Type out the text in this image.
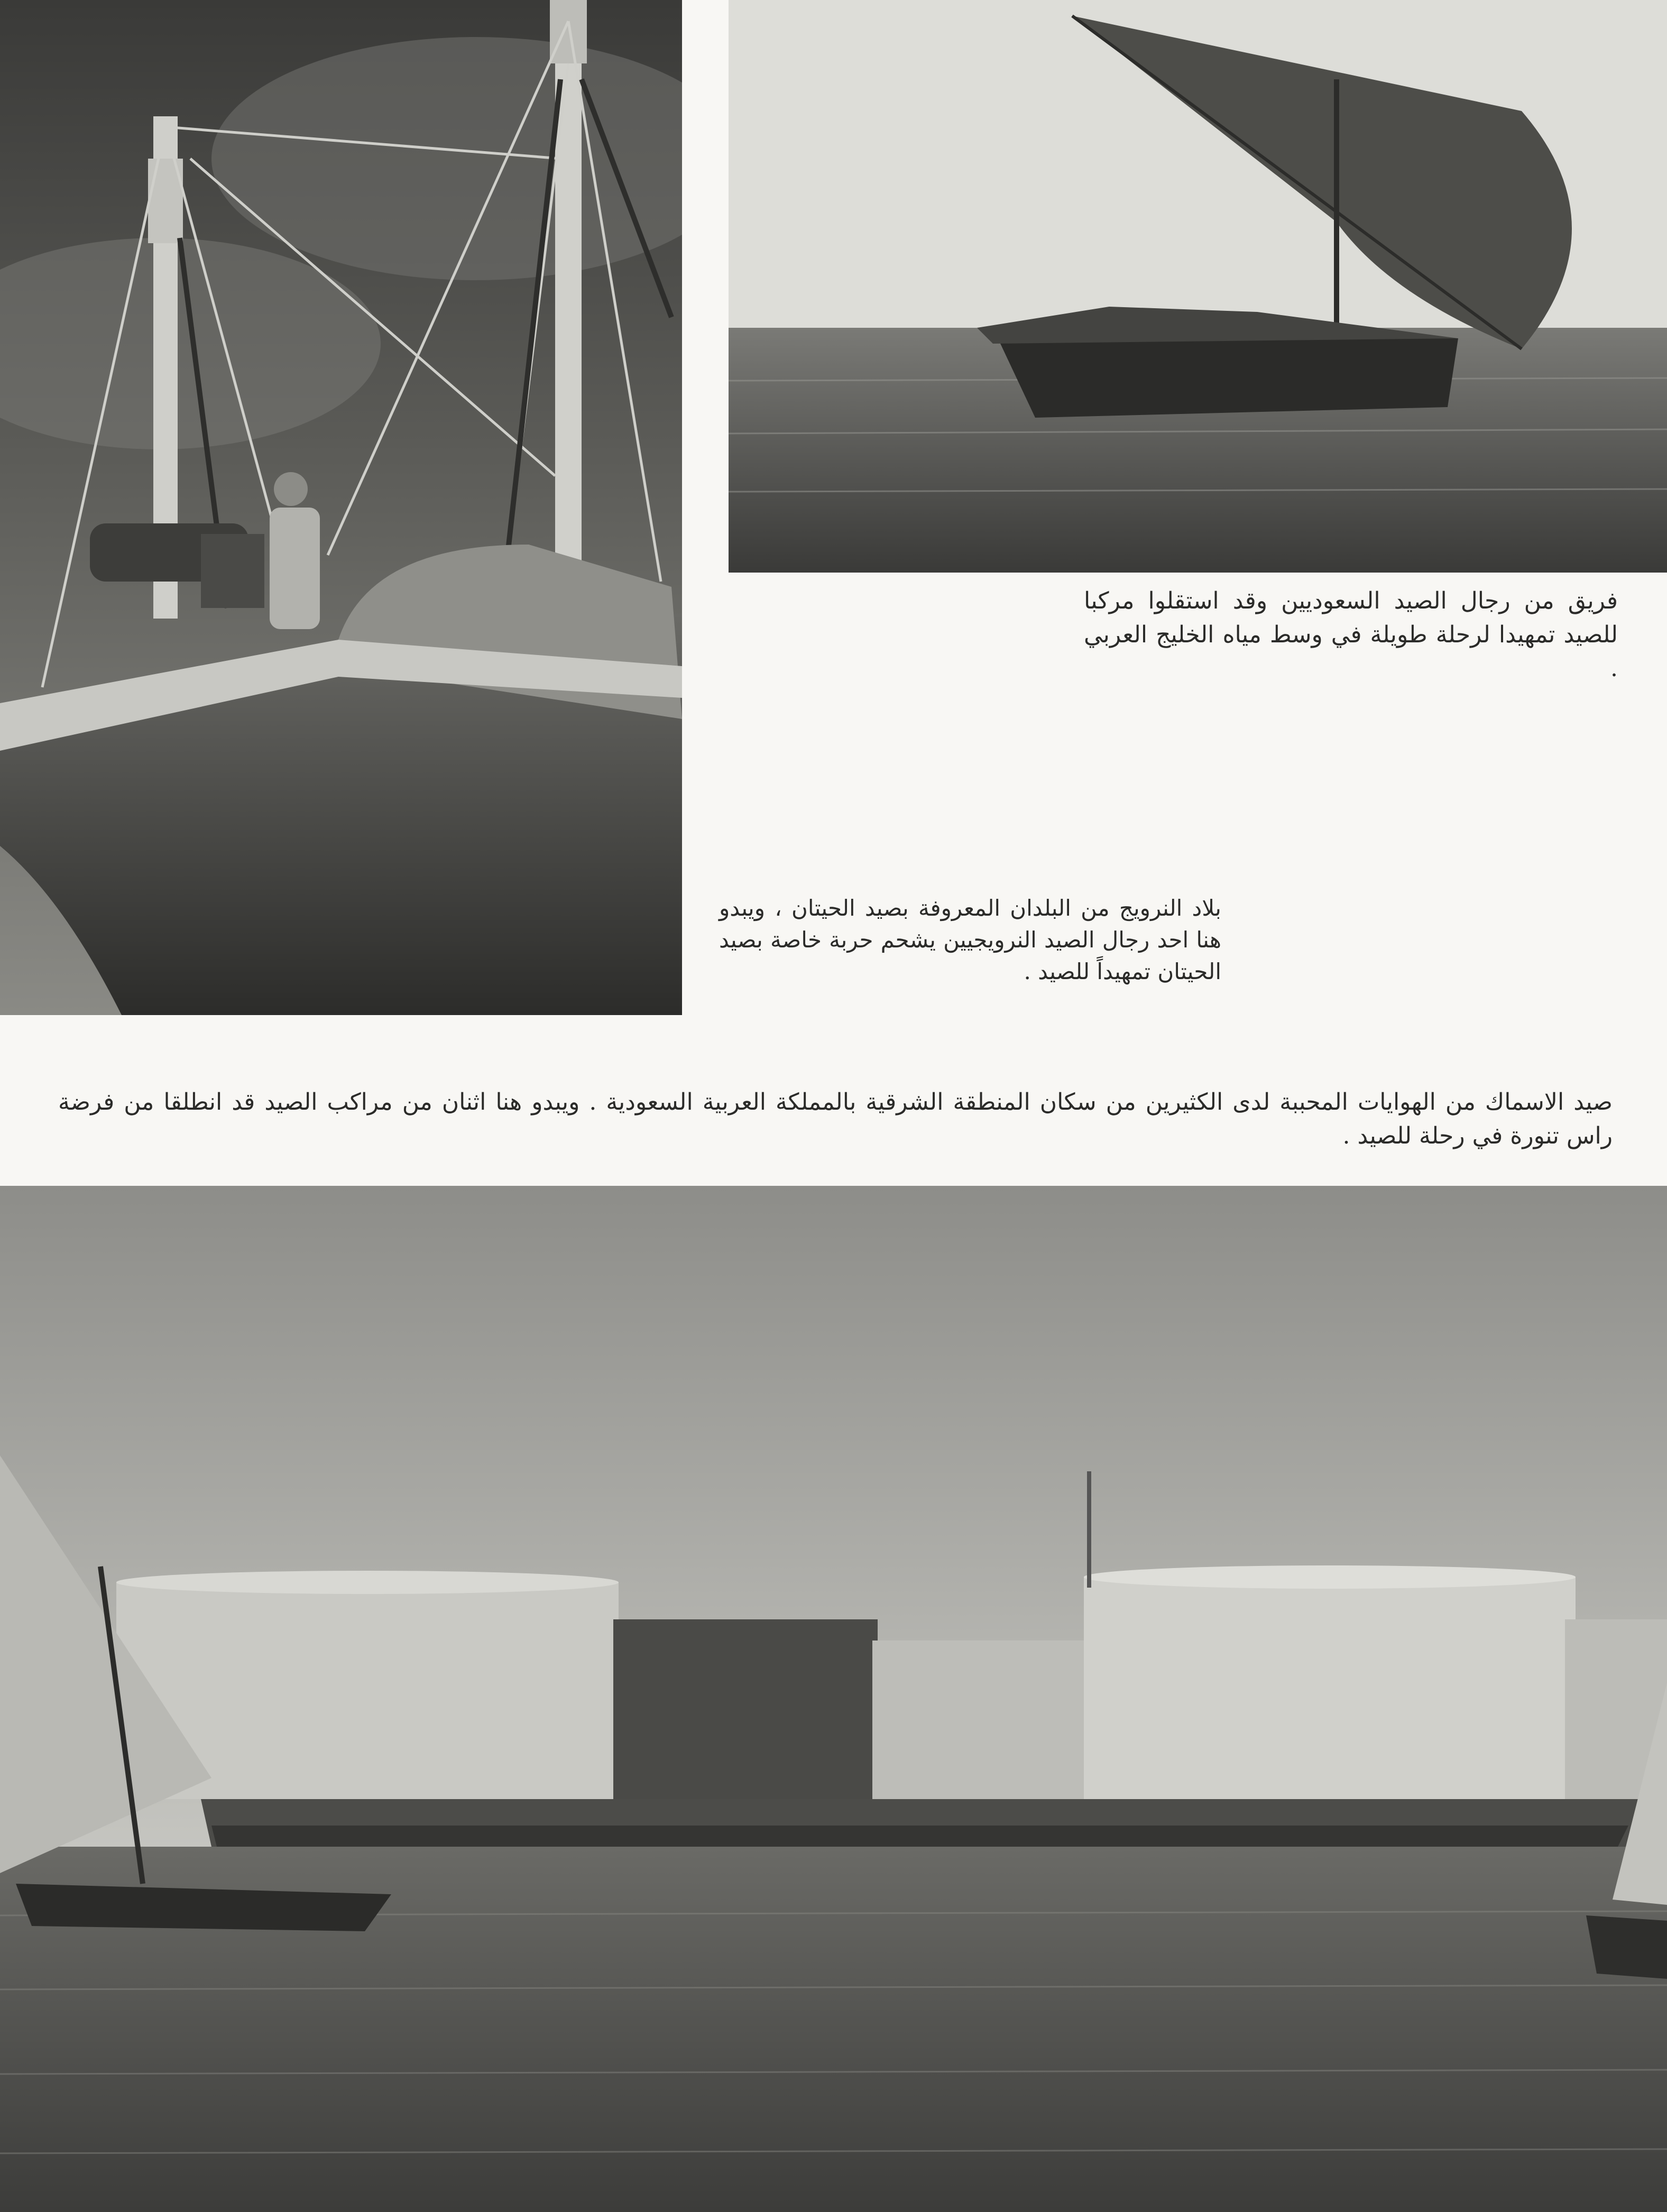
فريق من رجال الصيد السعوديين وقد استقلوا مركبا للصيد تمهيدا لرحلة طويلة في وسط مياه الخليج العربي .
بلاد النرويج من البلدان المعروفة بصيد الحيتان ، ويبدو هنا احد رجال الصيد النرويجيين يشحم حربة خاصة بصيد الحيتان تمهيداً للصيد .
صيد الاسماك من الهوايات المحببة لدى الكثيرين من سكان المنطقة الشرقية بالمملكة العربية السعودية . ويبدو هنا اثنان من مراكب الصيد قد انطلقا من فرضة راس تنورة في رحلة للصيد .
